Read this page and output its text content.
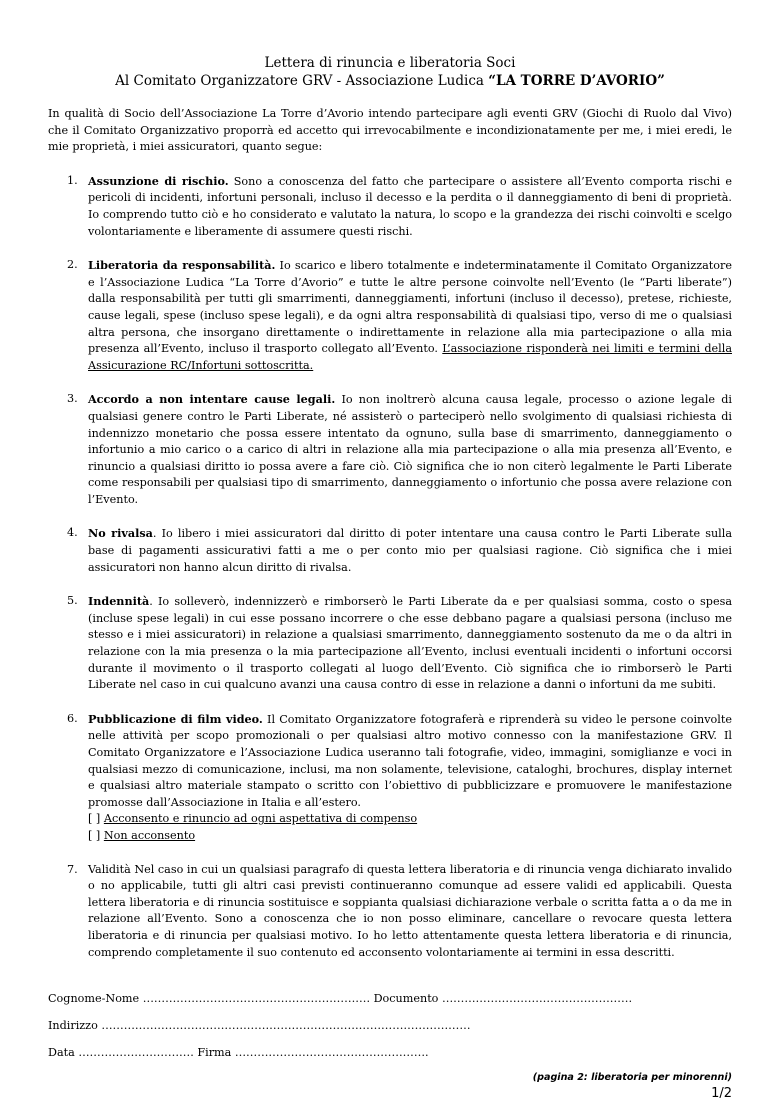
Lettera di rinuncia e liberatoria Soci
Al Comitato Organizzatore GRV - Associazione Ludica “LA TORRE D’AVORIO”
In qualità di Socio dell’Associazione La Torre d’Avorio intendo partecipare agli eventi GRV (Giochi di Ruolo dal Vivo) che il Comitato Organizzativo proporrà ed accetto qui irrevocabilmente e incondizionatamente per me, i miei eredi, le mie proprietà, i miei assicuratori, quanto segue:
1. Assunzione di rischio. Sono a conoscenza del fatto che partecipare o assistere all’Evento comporta rischi e pericoli di incidenti, infortuni personali, incluso il decesso e la perdita o il danneggiamento di beni di proprietà. Io comprendo tutto ciò e ho considerato e valutato la natura, lo scopo e la grandezza dei rischi coinvolti e scelgo volontariamente e liberamente di assumere questi rischi.
2. Liberatoria da responsabilità. Io scarico e libero totalmente e indeterminatamente il Comitato Organizzatore e l’Associazione Ludica “La Torre d’Avorio” e tutte le altre persone coinvolte nell’Evento (le “Parti liberate”) dalla responsabilità per tutti gli smarrimenti, danneggiamenti, infortuni (incluso il decesso), pretese, richieste, cause legali, spese (incluso spese legali), e da ogni altra responsabilità di qualsiasi tipo, verso di me o qualsiasi altra persona, che insorgano direttamente o indirettamente in relazione alla mia partecipazione o alla mia presenza all’Evento, incluso il trasporto collegato all’Evento. L’associazione risponderà nei limiti e termini della Assicurazione RC/Infortuni sottoscritta.
3. Accordo a non intentare cause legali. Io non inoltrerò alcuna causa legale, processo o azione legale di qualsiasi genere contro le Parti Liberate, né assisterò o parteciperò nello svolgimento di qualsiasi richiesta di indennizzo monetario che possa essere intentato da ognuno, sulla base di smarrimento, danneggiamento o infortunio a mio carico o a carico di altri in relazione alla mia partecipazione o alla mia presenza all’Evento, e rinuncio a qualsiasi diritto io possa avere a fare ciò. Ciò significa che io non citerò legalmente le Parti Liberate come responsabili per qualsiasi tipo di smarrimento, danneggiamento o infortunio che possa avere relazione con l’Evento.
4. No rivalsa. Io libero i miei assicuratori dal diritto di poter intentare una causa contro le Parti Liberate sulla base di pagamenti assicurativi fatti a me o per conto mio per qualsiasi ragione. Ciò significa che i miei assicuratori non hanno alcun diritto di rivalsa.
5. Indennità. Io solleverò, indennizzerò e rimborserò le Parti Liberate da e per qualsiasi somma, costo o spesa (incluse spese legali) in cui esse possano incorrere o che esse debbano pagare a qualsiasi persona (incluso me stesso e i miei assicuratori) in relazione a qualsiasi smarrimento, danneggiamento sostenuto da me o da altri in relazione con la mia presenza o la mia partecipazione all’Evento, inclusi eventuali incidenti o infortuni occorsi durante il movimento o il trasporto collegati al luogo dell’Evento. Ciò significa che io rimborserò le Parti Liberate nel caso in cui qualcuno avanzi una causa contro di esse in relazione a danni o infortuni da me subiti.
6. Pubblicazione di film video. Il Comitato Organizzatore fotograferà e riprenderà su video le persone coinvolte nelle attività per scopo promozionali o per qualsiasi altro motivo connesso con la manifestazione GRV. Il Comitato Organizzatore e l’Associazione Ludica useranno tali fotografie, video, immagini, somiglianze e voci in qualsiasi mezzo di comunicazione, inclusi, ma non solamente, televisione, cataloghi, brochures, display internet e qualsiasi altro materiale stampato o scritto con l’obiettivo di pubblicizzare e promuovere le manifestazione promosse dall’Associazione in Italia e all’estero.
[ ] Acconsento e rinuncio ad ogni aspettativa di compenso
[ ] Non acconsento
7. Validità Nel caso in cui un qualsiasi paragrafo di questa lettera liberatoria e di rinuncia venga dichiarato invalido o no applicabile, tutti gli altri casi previsti continueranno comunque ad essere validi ed applicabili. Questa lettera liberatoria e di rinuncia sostituisce e soppianta qualsiasi dichiarazione verbale o scritta fatta a o da me in relazione all’Evento. Sono a conoscenza che io non posso eliminare, cancellare o revocare questa lettera liberatoria e di rinuncia per qualsiasi motivo. Io ho letto attentamente questa lettera liberatoria e di rinuncia, comprendo completamente il suo contenuto ed acconsento volontariamente ai termini in essa descritti.
Cognome-Nome ……………………………………………………. Documento ……………………………………………
Indirizzo ………………………………………………………………………………………
Data …………………………. Firma …………………………………………….
(pagina 2: liberatoria per minorenni)
1/2
